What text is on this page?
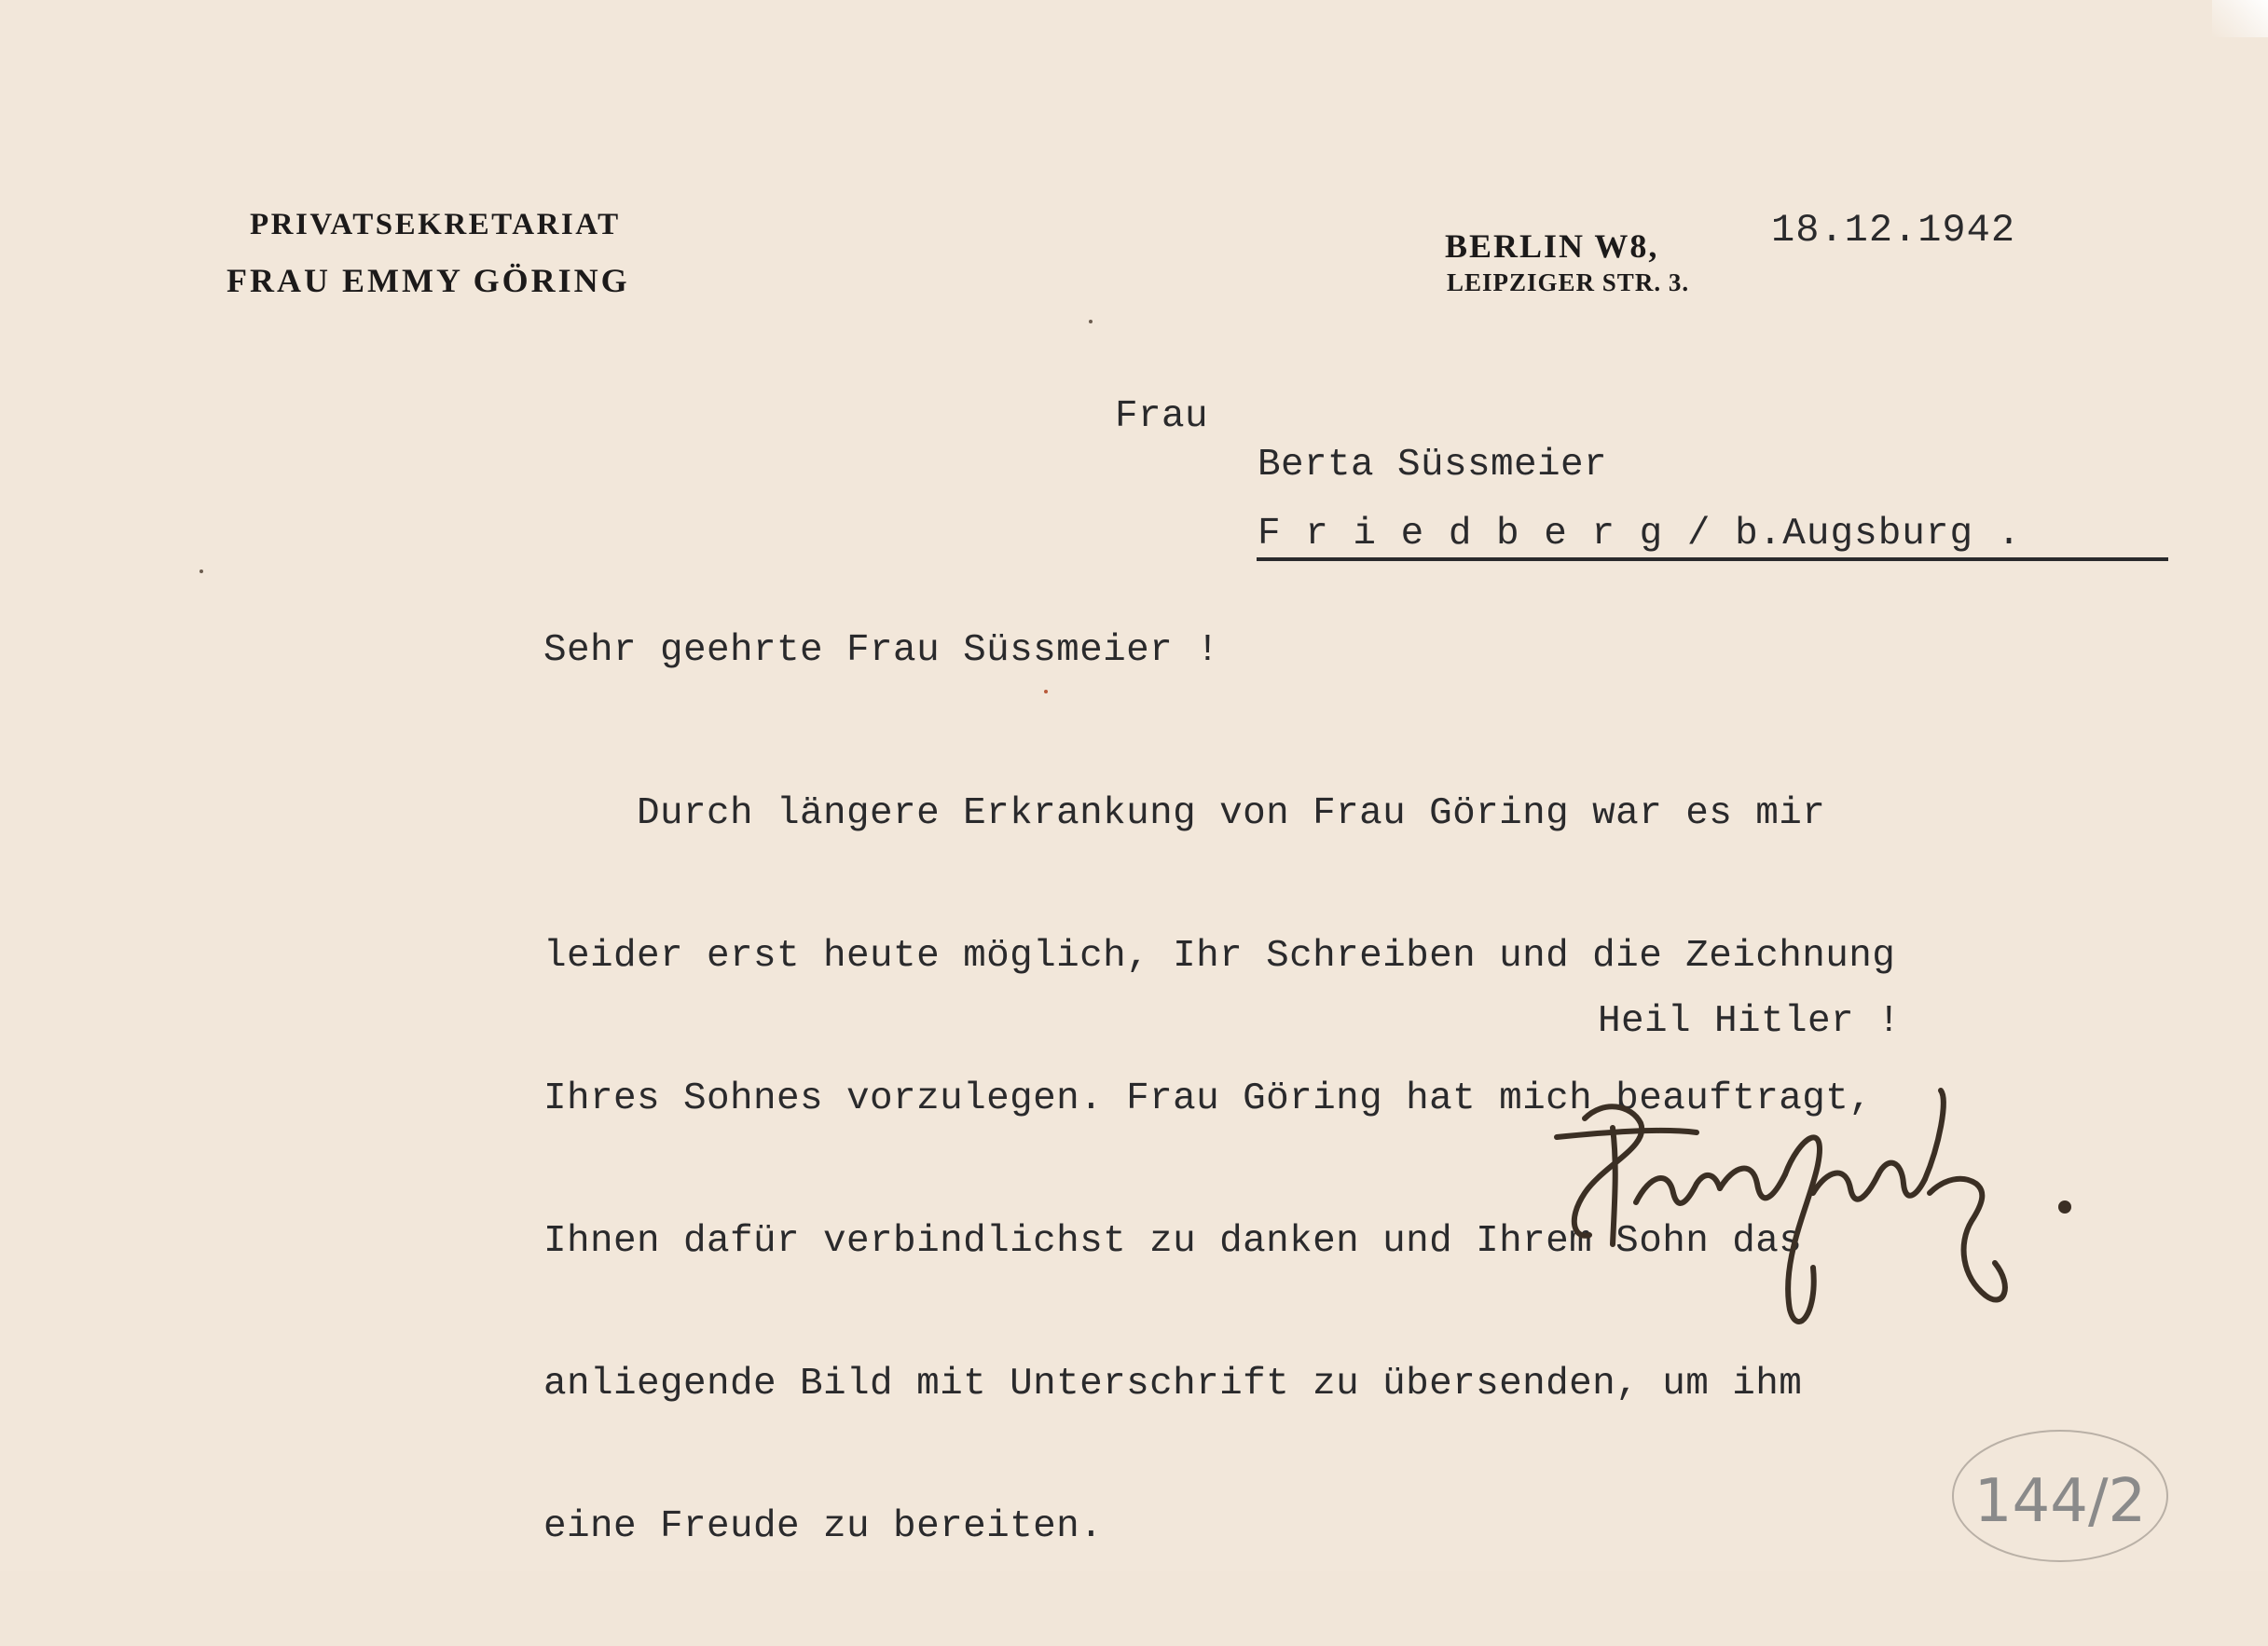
PRIVATSEKRETARIAT
FRAU EMMY GÖRING
BERLIN W8,
LEIPZIGER STR. 3.
18.12.1942
Frau
Berta Süssmeier
F r i e d b e r g / b.Augsburg .
Sehr geehrte Frau Süssmeier !

Durch längere Erkrankung von Frau Göring war es mir

leider erst heute möglich, Ihr Schreiben und die Zeichnung

Ihres Sohnes vorzulegen. Frau Göring hat mich beauftragt,

Ihnen dafür verbindlichst zu danken und Ihrem Sohn das

anliegende Bild mit Unterschrift zu übersenden, um ihm

eine Freude zu bereiten.

Heil Hitler !
144/2
